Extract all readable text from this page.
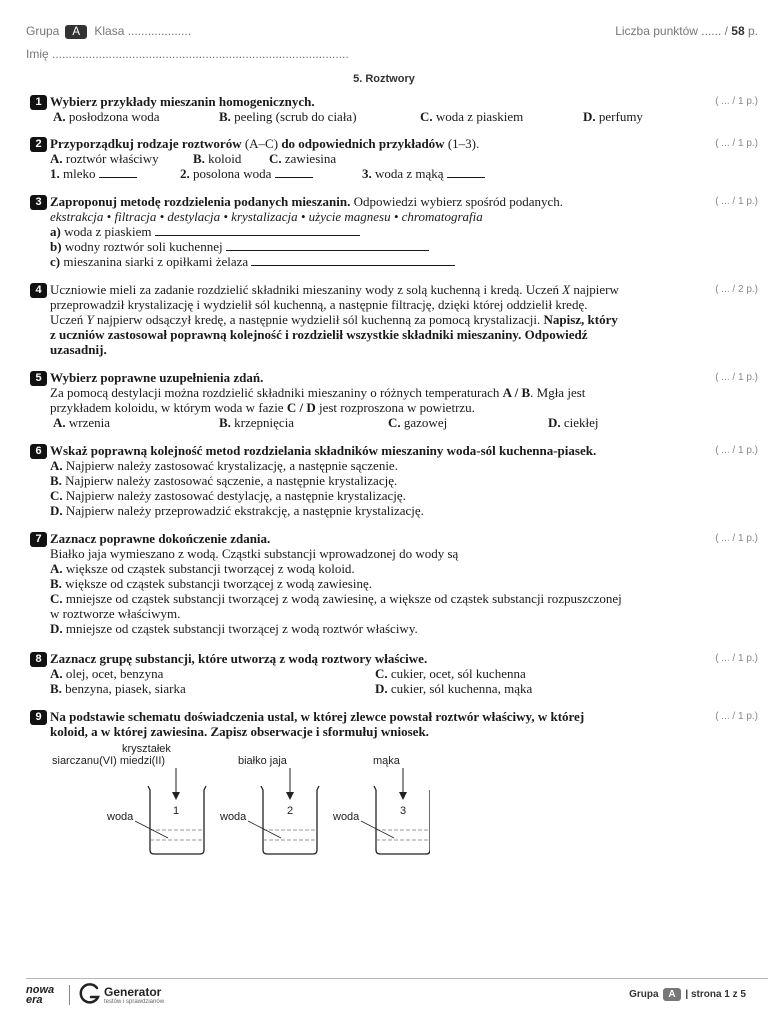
Grupa A Klasa ...................	Liczba punktów ...... / 58 p.
Imię .........................................................................................
5. Roztwory
1	( ... / 1 p.)
Wybierz przykłady mieszanin homogenicznych.
A. posłodzona woda	B. peeling (scrub do ciała)	C. woda z piaskiem	D. perfumy
2	( ... / 1 p.)
Przyporządkuj rodzaje roztworów (A–C) do odpowiednich przykładów (1–3).
A. roztwór właściwy	B. koloid C. zawiesina
1. mleko	2. posolona woda	3. woda z mąką
3	( ... / 1 p.)
Zaproponuj metodę rozdzielenia podanych mieszanin. Odpowiedzi wybierz spośród podanych.
ekstrakcja • filtracja • destylacja • krystalizacja • użycie magnesu • chromatografia
a) woda z piaskiem
b) wodny roztwór soli kuchennej
c) mieszanina siarki z opiłkami żelaza
4	( ... / 2 p.)
Uczniowie mieli za zadanie rozdzielić składniki mieszaniny wody z solą kuchenną i kredą. Uczeń X najpierw
przeprowadził krystalizację i wydzielił sól kuchenną, a następnie filtrację, dzięki której oddzielił kredę.
Uczeń Y najpierw odsączył kredę, a następnie wydzielił sól kuchenną za pomocą krystalizacji. Napisz, który
z uczniów zastosował poprawną kolejność i rozdzielił wszystkie składniki mieszaniny. Odpowiedź
uzasadnij.
5	( ... / 1 p.)
Wybierz poprawne uzupełnienia zdań.
Za pomocą destylacji można rozdzielić składniki mieszaniny o różnych temperaturach A / B. Mgła jest
przykładem koloidu, w którym woda w fazie C / D jest rozproszona w powietrzu.
A. wrzenia	B. krzepnięcia	C. gazowej	D. ciekłej
6	( ... / 1 p.)
Wskaż poprawną kolejność metod rozdzielania składników mieszaniny woda-sól kuchenna-piasek.
A. Najpierw należy zastosować krystalizację, a następnie sączenie.
B. Najpierw należy zastosować sączenie, a następnie krystalizację.
C. Najpierw należy zastosować destylację, a następnie krystalizację.
D. Najpierw należy przeprowadzić ekstrakcję, a następnie krystalizację.
7	( ... / 1 p.)
Zaznacz poprawne dokończenie zdania.
Białko jaja wymieszano z wodą. Cząstki substancji wprowadzonej do wody są
A. większe od cząstek substancji tworzącej z wodą koloid.
B. większe od cząstek substancji tworzącej z wodą zawiesinę.
C. mniejsze od cząstek substancji tworzącej z wodą zawiesinę, a większe od cząstek substancji rozpuszczonej
w roztworze właściwym.
D. mniejsze od cząstek substancji tworzącej z wodą roztwór właściwy.
8	( ... / 1 p.)
Zaznacz grupę substancji, które utworzą z wodą roztwory właściwe.
A. olej, ocet, benzyna	C. cukier, ocet, sól kuchenna
B. benzyna, piasek, siarka	D. cukier, sól kuchenna, mąka
9	( ... / 1 p.)
Na podstawie schematu doświadczenia ustal, w której zlewce powstał roztwór właściwy, w której
koloid, a w której zawiesina. Zapisz obserwacje i sformułuj wniosek.
kryształek
siarczanu(VI) miedzi(II)
1
woda
białko jaja
2
woda
mąka
3
woda
nowa
era
Generator
testów i sprawdzianów
Grupa A | strona 1 z 5
